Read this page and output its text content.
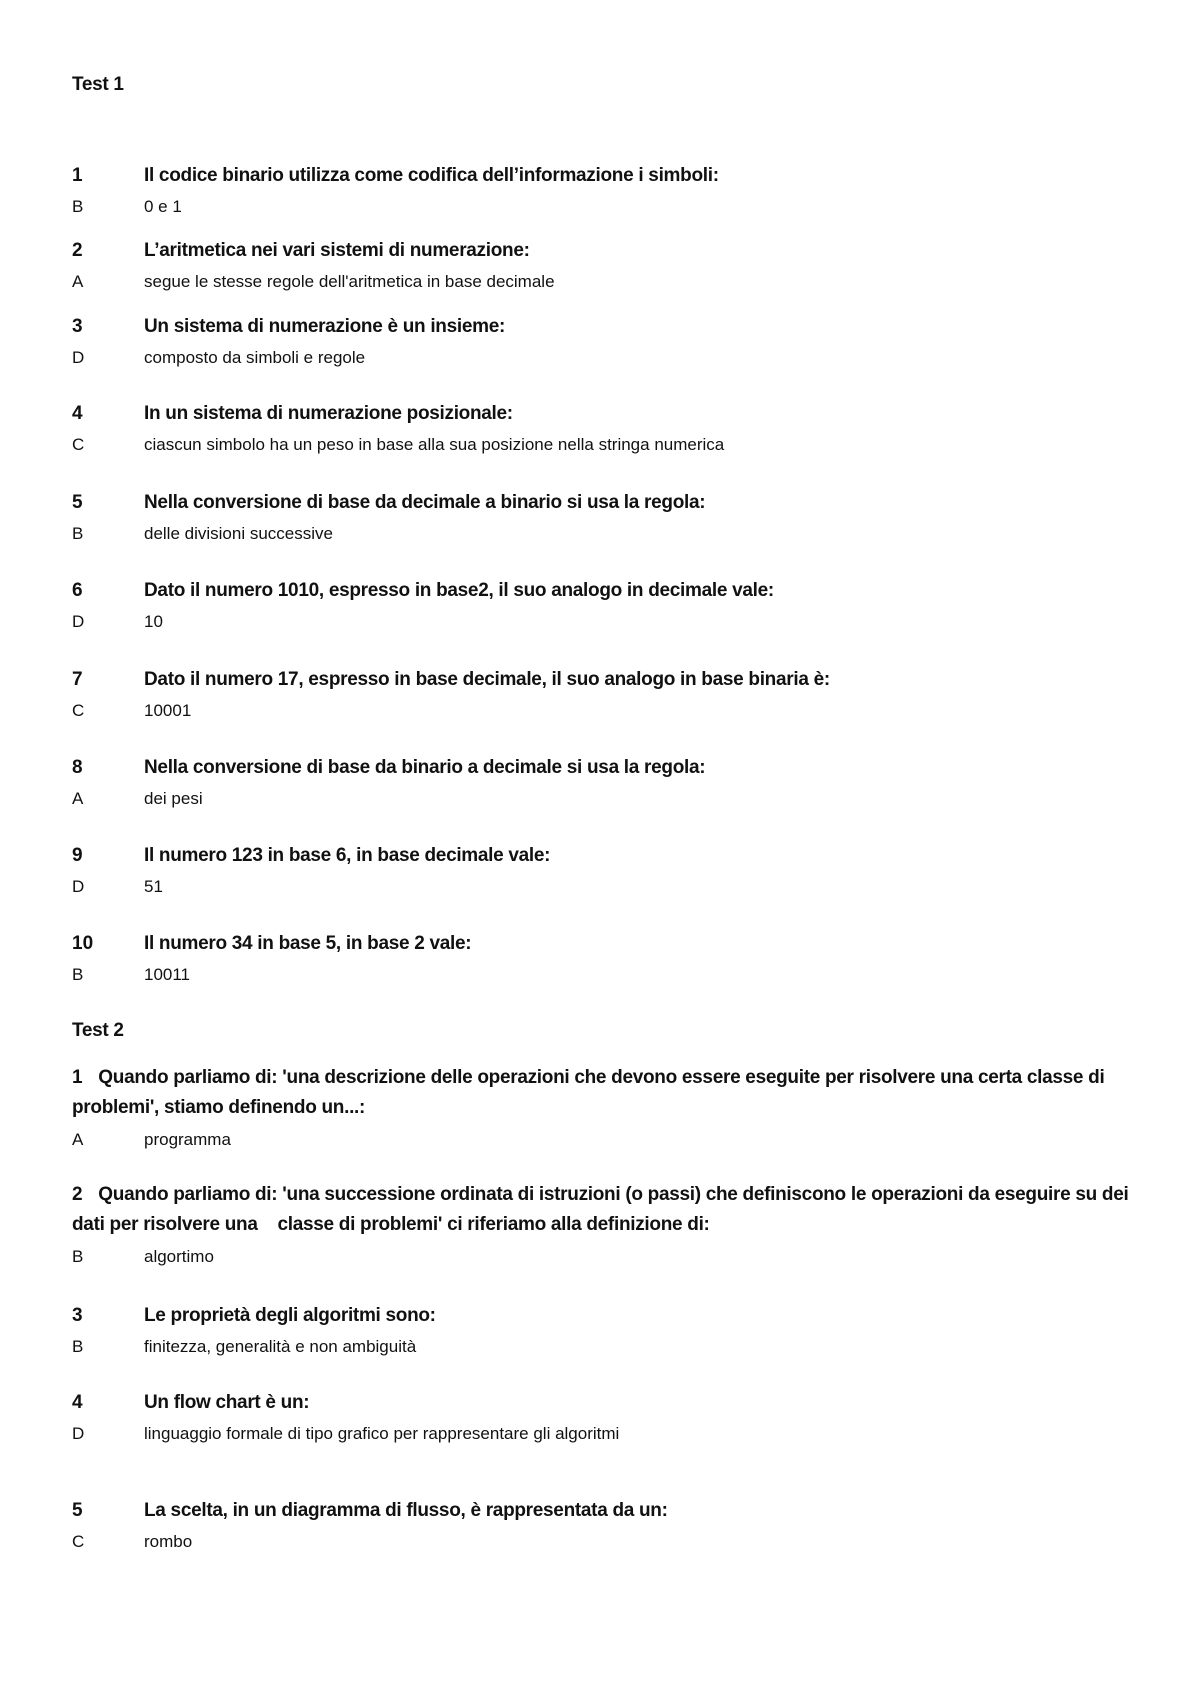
Test 1
1	Il codice binario utilizza come codifica dell’informazione i simboli:
B	0 e 1
2	L’aritmetica nei vari sistemi di numerazione:
A	segue le stesse regole dell'aritmetica in base decimale
3	Un sistema di numerazione è un insieme:
D	composto da simboli e regole
4	In un sistema di numerazione posizionale:
C	ciascun simbolo ha un peso in base alla sua posizione nella stringa numerica
5	Nella conversione di base da decimale a binario si usa la regola:
B	delle divisioni successive
6	Dato il numero 1010, espresso in base2, il suo analogo in decimale vale:
D	10
7	Dato il numero 17, espresso in base decimale, il suo analogo in base binaria è:
C	10001
8	Nella conversione di base da binario a decimale si usa la regola:
A	dei pesi
9	Il numero 123 in base 6, in base decimale vale:
D	51
10	Il numero 34 in base 5, in base 2 vale:
B	10011
Test 2
1 Quando parliamo di: 'una descrizione delle operazioni che devono essere eseguite per risolvere una certa classe di problemi', stiamo definendo un...:
A	programma
2 Quando parliamo di: 'una successione ordinata di istruzioni (o passi) che definiscono le operazioni da eseguire su dei dati per risolvere una    classe di problemi' ci riferiamo alla definizione di:
B	algortimo
3	Le proprietà degli algoritmi sono:
B	finitezza, generalità e non ambiguità
4	Un flow chart è un:
D	linguaggio formale di tipo grafico per rappresentare gli algoritmi
5	La scelta, in un diagramma di flusso, è rappresentata da un:
C	rombo
